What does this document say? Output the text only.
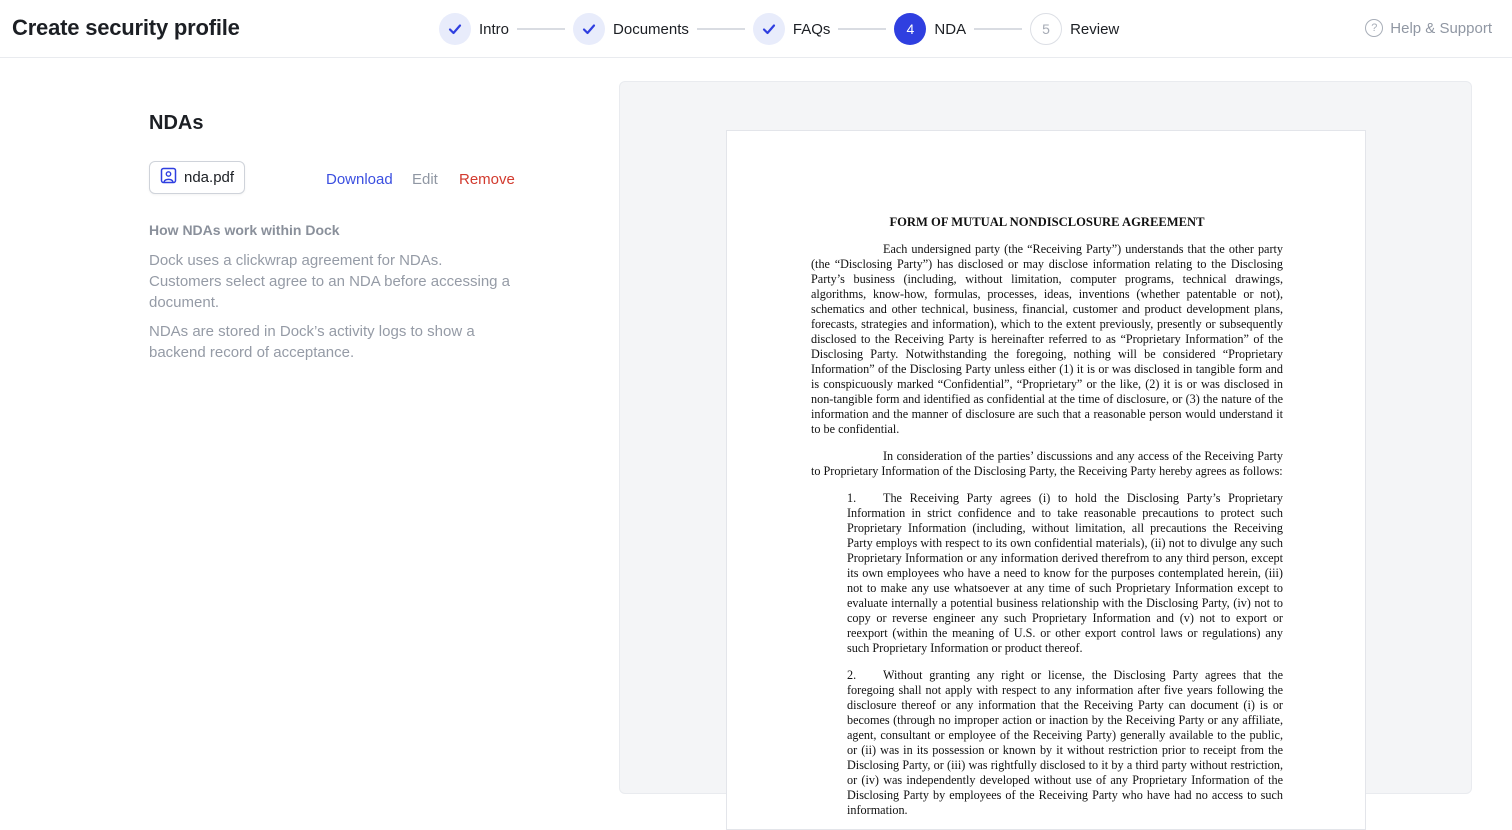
Create security profile	Intro	Documents	FAQs	4	NDA	5	Review	? Help & Support
NDAs
nda.pdf	Download Edit Remove
How NDAs work within Dock

Dock uses a clickwrap agreement for NDAs. Customers select agree to an NDA before accessing a document.

NDAs are stored in Dock’s activity logs to show a backend record of acceptance.

FORM OF MUTUAL NONDISCLOSURE AGREEMENT

Each undersigned party (the “Receiving Party”) understands that the other party (the “Disclosing Party”) has disclosed or may disclose information relating to the Disclosing Party’s business (including, without limitation, computer programs, technical drawings, algorithms, know-how, formulas, processes, ideas, inventions (whether patentable or not), schematics and other technical, business, financial, customer and product development plans, forecasts, strategies and information), which to the extent previously, presently or subsequently disclosed to the Receiving Party is hereinafter referred to as “Proprietary Information” of the Disclosing Party. Notwithstanding the foregoing, nothing will be considered “Proprietary Information” of the Disclosing Party unless either (1) it is or was disclosed in tangible form and is conspicuously marked “Confidential”, “Proprietary” or the like, (2) it is or was disclosed in non-tangible form and identified as confidential at the time of disclosure, or (3) the nature of the information and the manner of disclosure are such that a reasonable person would understand it to be confidential.

In consideration of the parties’ discussions and any access of the Receiving Party to Proprietary Information of the Disclosing Party, the Receiving Party hereby agrees as follows:

1. The Receiving Party agrees (i) to hold the Disclosing Party’s Proprietary Information in strict confidence and to take reasonable precautions to protect such Proprietary Information (including, without limitation, all precautions the Receiving Party employs with respect to its own confidential materials), (ii) not to divulge any such Proprietary Information or any information derived therefrom to any third person, except its own employees who have a need to know for the purposes contemplated herein, (iii) not to make any use whatsoever at any time of such Proprietary Information except to evaluate internally a potential business relationship with the Disclosing Party, (iv) not to copy or reverse engineer any such Proprietary Information and (v) not to export or reexport (within the meaning of U.S. or other export control laws or regulations) any such Proprietary Information or product thereof.
2. Without granting any right or license, the Disclosing Party agrees that the foregoing shall not apply with respect to any information after five years following the disclosure thereof or any information that the Receiving Party can document (i) is or becomes (through no improper action or inaction by the Receiving Party or any affiliate, agent, consultant or employee of the Receiving Party) generally available to the public, or (ii) was in its possession or known by it without restriction prior to receipt from the Disclosing Party, or (iii) was rightfully disclosed to it by a third party without restriction, or (iv) was independently developed without use of any Proprietary Information of the Disclosing Party by employees of the Receiving Party who have had no access to such information.
